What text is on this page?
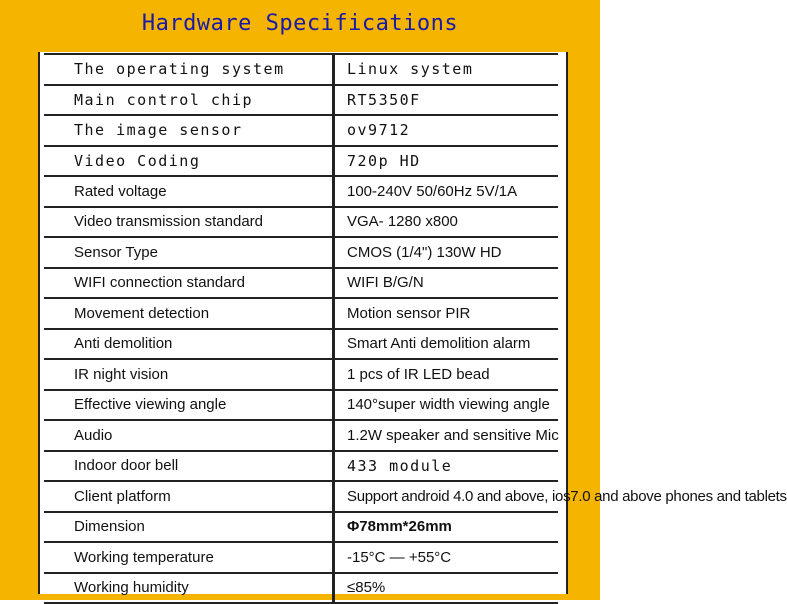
Hardware Specifications
The operating system	Linux system
Main control chip	RT5350F
The image sensor	ov9712
Video Coding	720p HD
Rated voltage	100-240V 50/60Hz 5V/1A
Video transmission standard	VGA- 1280 x800
Sensor Type	CMOS (1/4") 130W HD
WIFI connection standard	WIFI B/G/N
Movement detection	Motion sensor PIR
Anti demolition	Smart Anti demolition alarm
IR night vision	1 pcs of IR LED bead
Effective viewing angle	140°super width viewing angle
Audio	1.2W speaker and sensitive Mic
Indoor door bell	433 module
Client platform	Support android 4.0 and above, ios7.0 and above phones and tablets
Dimension	Φ78mm*26mm
Working temperature	-15°C — +55°C
Working humidity	≤85%
